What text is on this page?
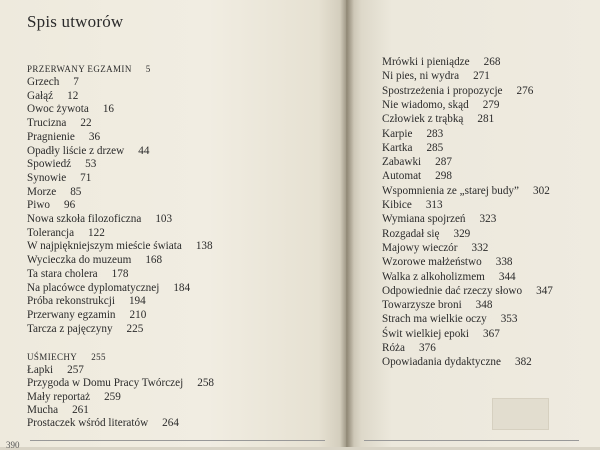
Spis utworów
PRZERWANY EGZAMIN 5
Grzech 7
Gałąź 12
Owoc żywota 16
Trucizna 22
Pragnienie 36
Opadły liście z drzew 44
Spowiedź 53
Synowie 71
Morze 85
Piwo 96
Nowa szkoła filozoficzna 103
Tolerancja 122
W najpiękniejszym mieście świata 138
Wycieczka do muzeum 168
Ta stara cholera 178
Na placówce dyplomatycznej 184
Próba rekonstrukcji 194
Przerwany egzamin 210
Tarcza z pajęczyny 225
UŚMIECHY 255
Łapki 257
Przygoda w Domu Pracy Twórczej 258
Mały reportaż 259
Mucha 261
Prostaczek wśród literatów 264
390
Mrówki i pieniądze 268
Ni pies, ni wydra 271
Spostrzeżenia i propozycje 276
Nie wiadomo, skąd 279
Człowiek z trąbką 281
Karpie 283
Kartka 285
Zabawki 287
Automat 298
Wspomnienia ze „starej budy” 302
Kibice 313
Wymiana spojrzeń 323
Rozgadał się 329
Majowy wieczór 332
Wzorowe małżeństwo 338
Walka z alkoholizmem 344
Odpowiednie dać rzeczy słowo 347
Towarzysze broni 348
Strach ma wielkie oczy 353
Świt wielkiej epoki 367
Róża 376
Opowiadania dydaktyczne 382
